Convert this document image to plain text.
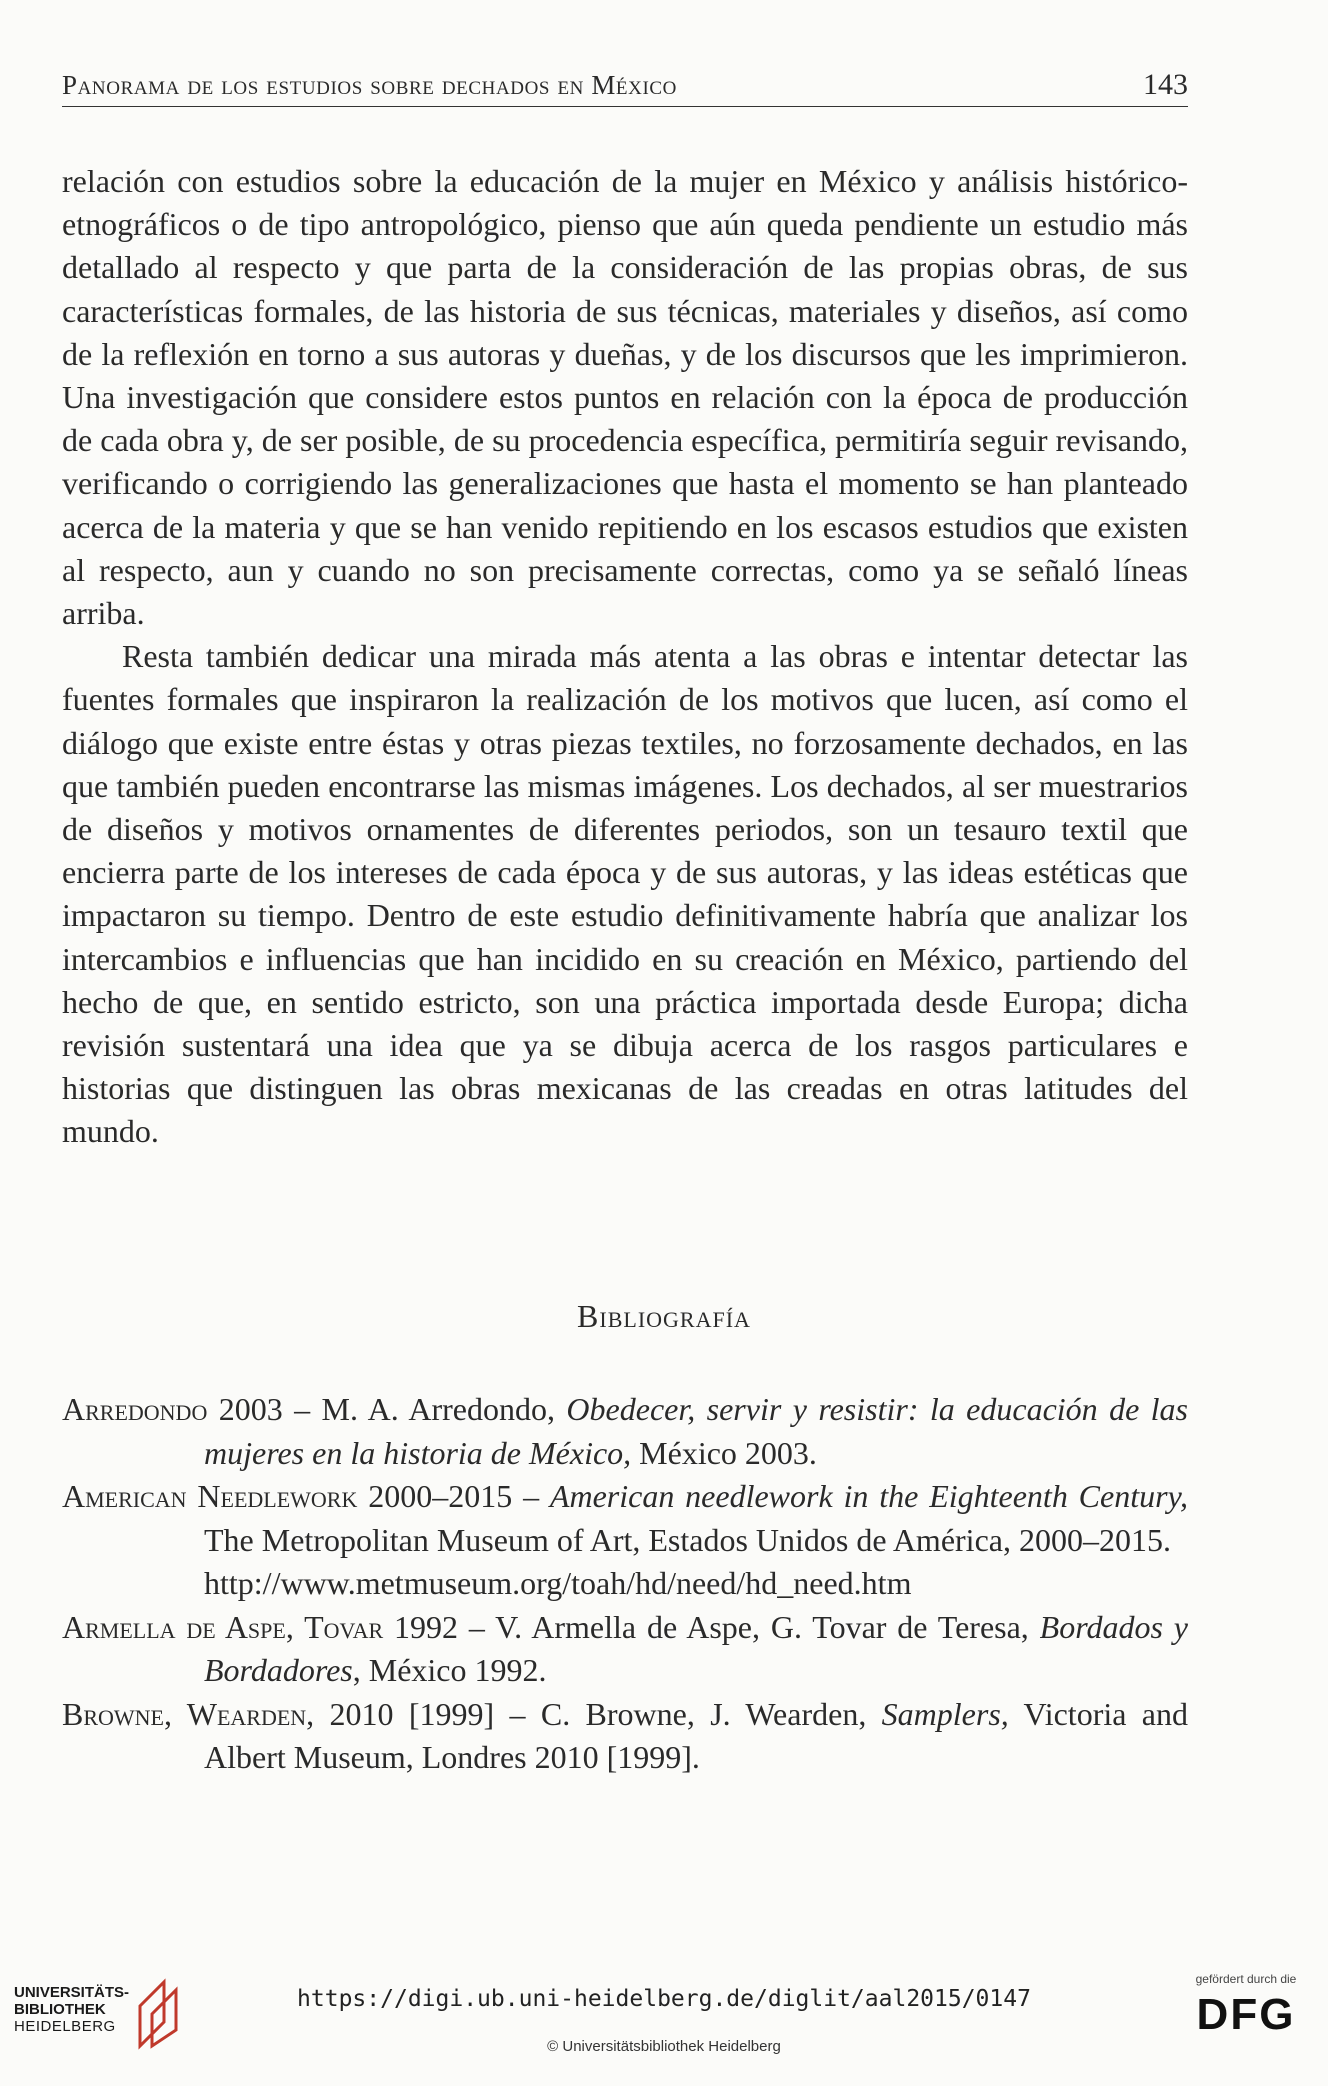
Panorama de los estudios sobre dechados en México	143

relación con estudios sobre la educación de la mujer en México y análisis histórico-etnográficos o de tipo antropológico, pienso que aún queda pendiente un estudio más detallado al respecto y que parta de la consideración de las propias obras, de sus características formales, de las historia de sus técnicas, materiales y diseños, así como de la reflexión en torno a sus autoras y dueñas, y de los discursos que les imprimieron. Una investigación que considere estos puntos en relación con la época de producción de cada obra y, de ser posible, de su procedencia específica, permitiría seguir revisando, verificando o corrigiendo las generalizaciones que hasta el momento se han planteado acerca de la materia y que se han venido repitiendo en los escasos estudios que existen al respecto, aun y cuando no son precisamente correctas, como ya se señaló líneas arriba.

Resta también dedicar una mirada más atenta a las obras e intentar detectar las fuentes formales que inspiraron la realización de los motivos que lucen, así como el diálogo que existe entre éstas y otras piezas textiles, no forzosamente dechados, en las que también pueden encontrarse las mismas imágenes. Los dechados, al ser muestrarios de diseños y motivos ornamentes de diferentes periodos, son un tesauro textil que encierra parte de los intereses de cada época y de sus autoras, y las ideas estéticas que impactaron su tiempo. Dentro de este estudio definitivamente habría que analizar los intercambios e influencias que han incidido en su creación en México, partiendo del hecho de que, en sentido estricto, son una práctica importada desde Europa; dicha revisión sustentará una idea que ya se dibuja acerca de los rasgos particulares e historias que distinguen las obras mexicanas de las creadas en otras latitudes del mundo.

Bibliografía
Arredondo 2003 – M. A. Arredondo, Obedecer, servir y resistir: la educación de las mujeres en la historia de México, México 2003.
American Needlework 2000–2015 – American needlework in the Eighteenth Century, The Metropolitan Museum of Art, Estados Unidos de América, 2000–2015.
http://www.metmuseum.org/toah/hd/need/hd_need.htm
Armella de Aspe, Tovar 1992 – V. Armella de Aspe, G. Tovar de Teresa, Bordados y Bordadores, México 1992.
Browne, Wearden, 2010 [1999] – C. Browne, J. Wearden, Samplers, Victoria and Albert Museum, Londres 2010 [1999].
UNIVERSITÄTS-
BIBLIOTHEK
HEIDELBERG
https://digi.ub.uni-heidelberg.de/diglit/aal2015/0147
© Universitätsbibliothek Heidelberg
gefördert durch die
DFG
